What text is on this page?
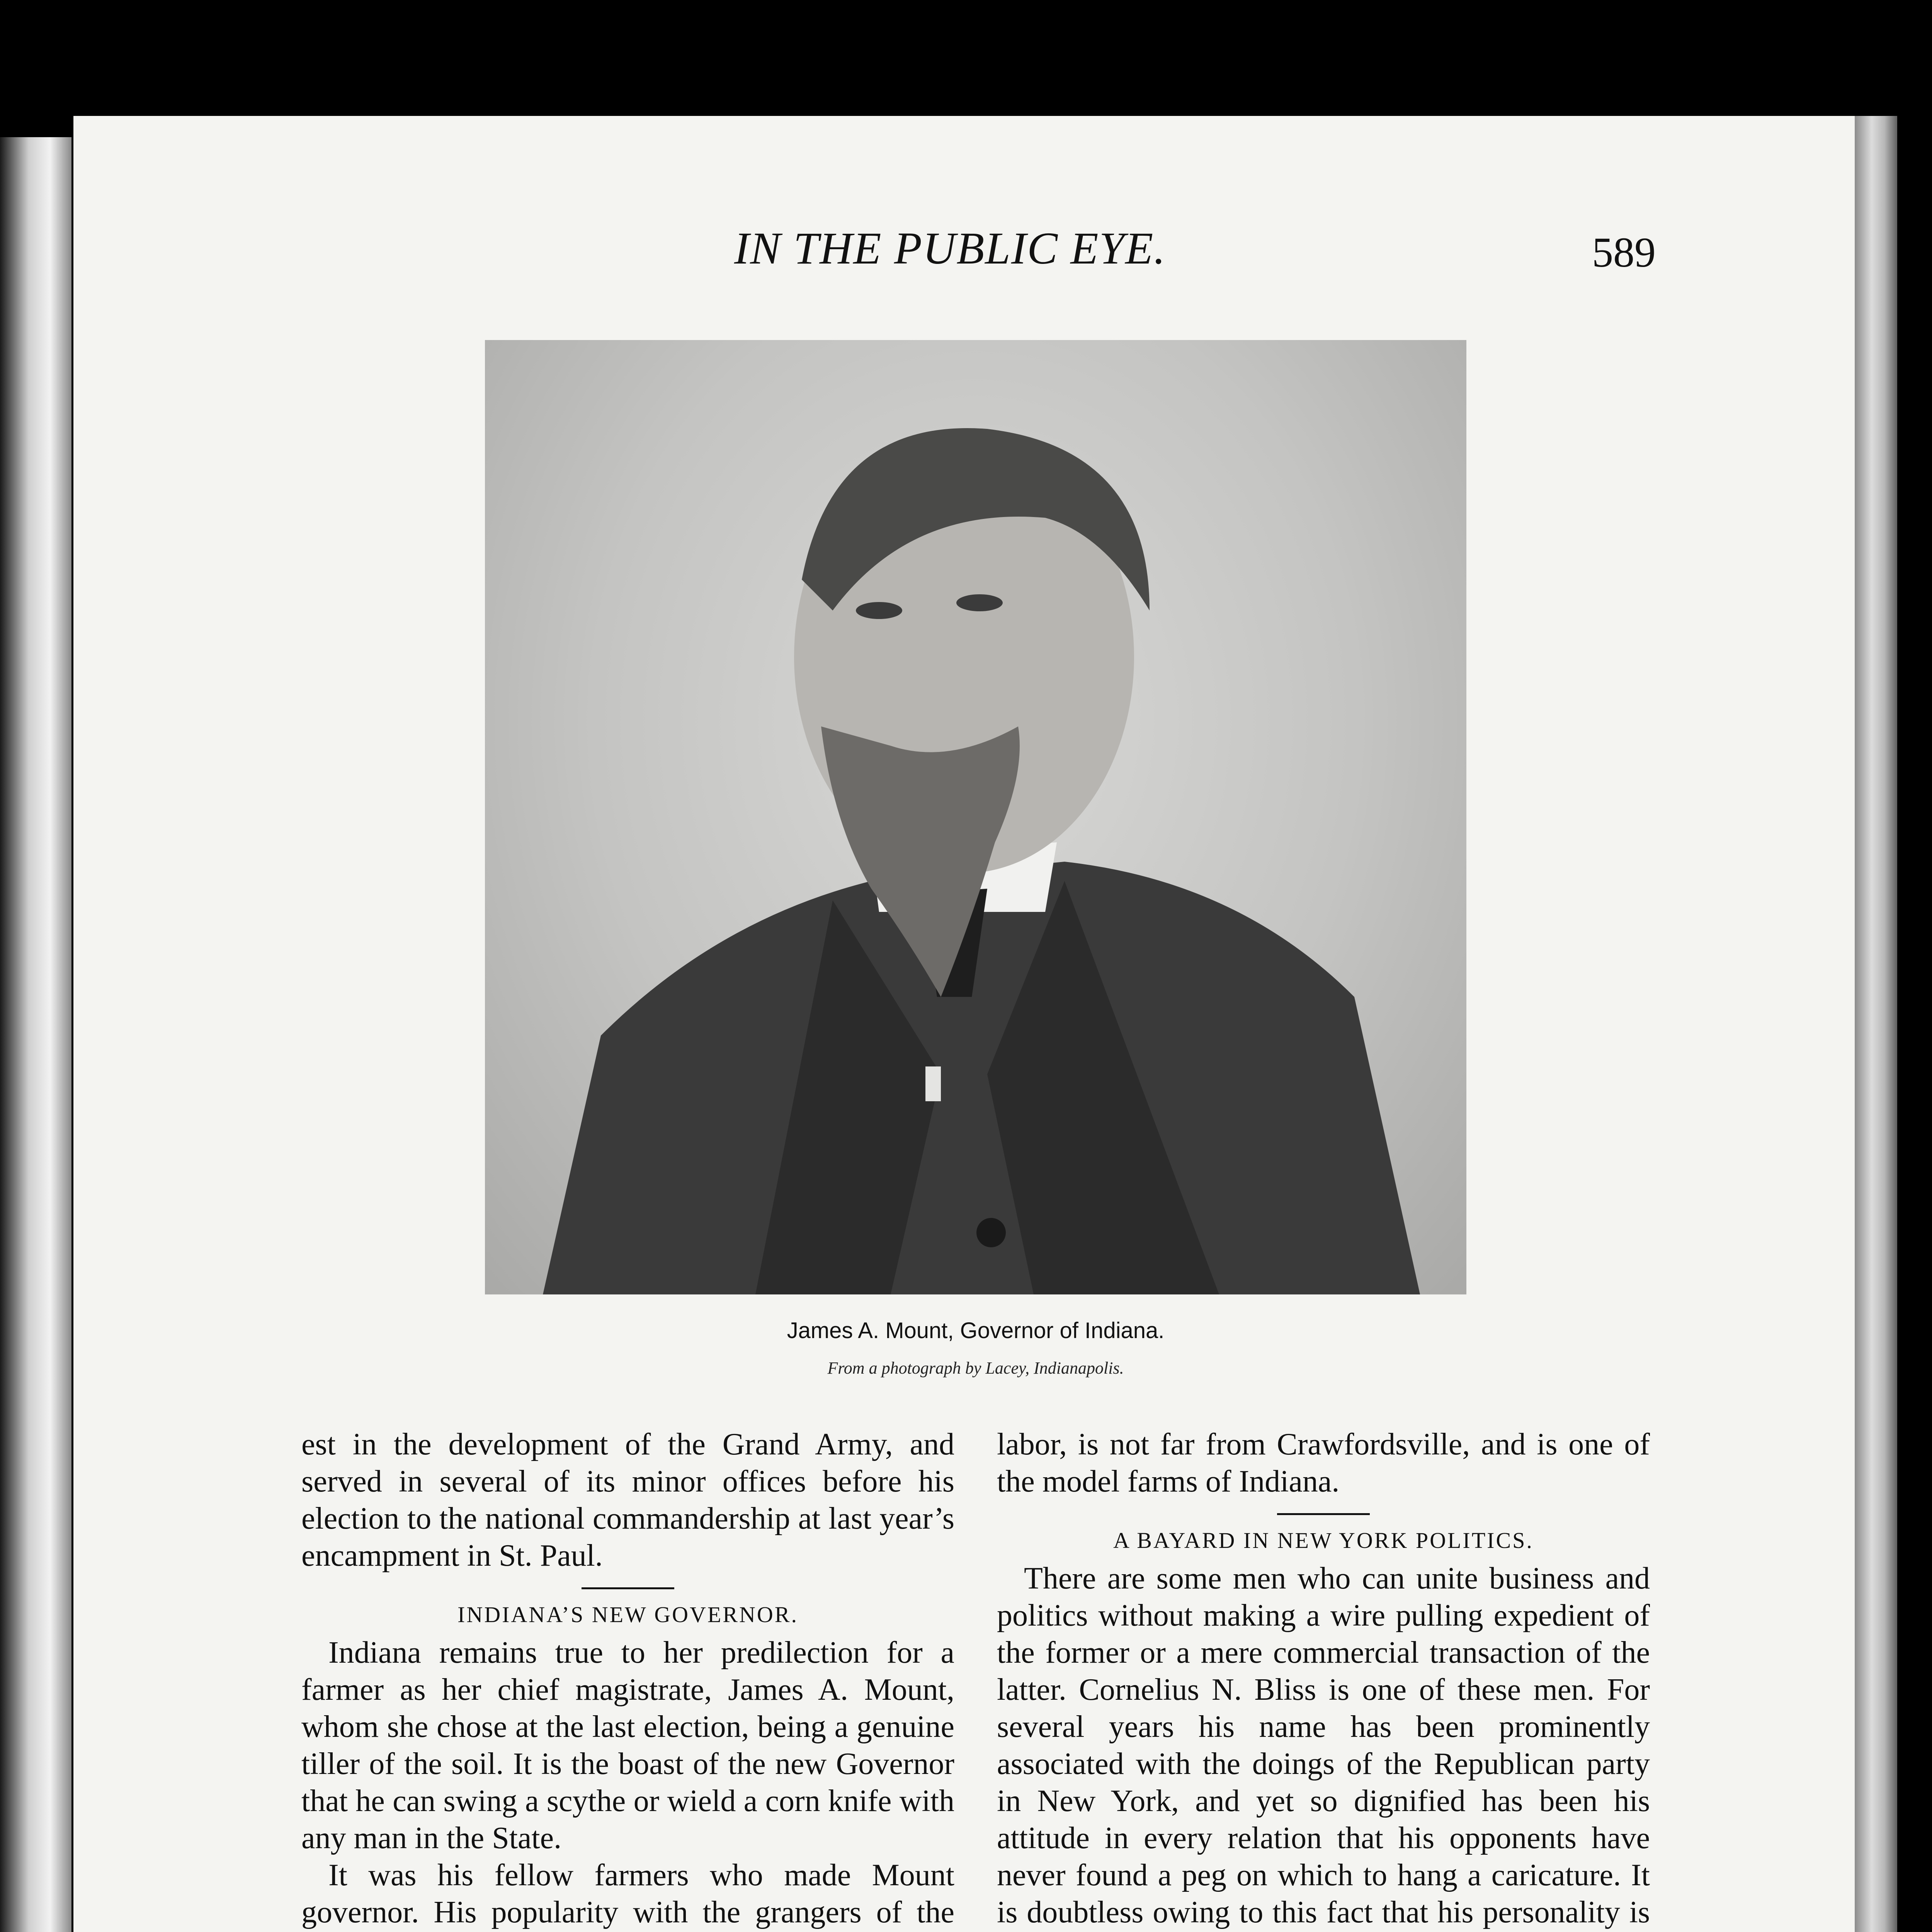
IN THE PUBLIC EYE.	589
James A. Mount, Governor of Indiana.
From a photograph by Lacey, Indianapolis.

est in the development of the Grand Army, and served in several of its minor offices before his election to the national commandership at last year’s encampment in St. Paul.

INDIANA’S NEW GOVERNOR.

Indiana remains true to her predilection for a farmer as her chief magistrate, James A. Mount, whom she chose at the last election, being a genuine tiller of the soil. It is the boast of the new Governor that he can swing a scythe or wield a corn knife with any man in the State.

It was his fellow farmers who made Mount governor. His popularity with the grangers of the

labor, is not far from Crawfordsville, and is one of the model farms of Indiana.

A BAYARD IN NEW YORK POLITICS.

There are some men who can unite business and politics without making a wire pulling expedient of the former or a mere commercial transaction of the latter. Cornelius N. Bliss is one of these men. For several years his name has been prominently associated with the doings of the Republican party in New York, and yet so dignified has been his attitude in every relation that his opponents have never found a peg on which to hang a caricature. It is doubtless owing to this fact that his personality is
